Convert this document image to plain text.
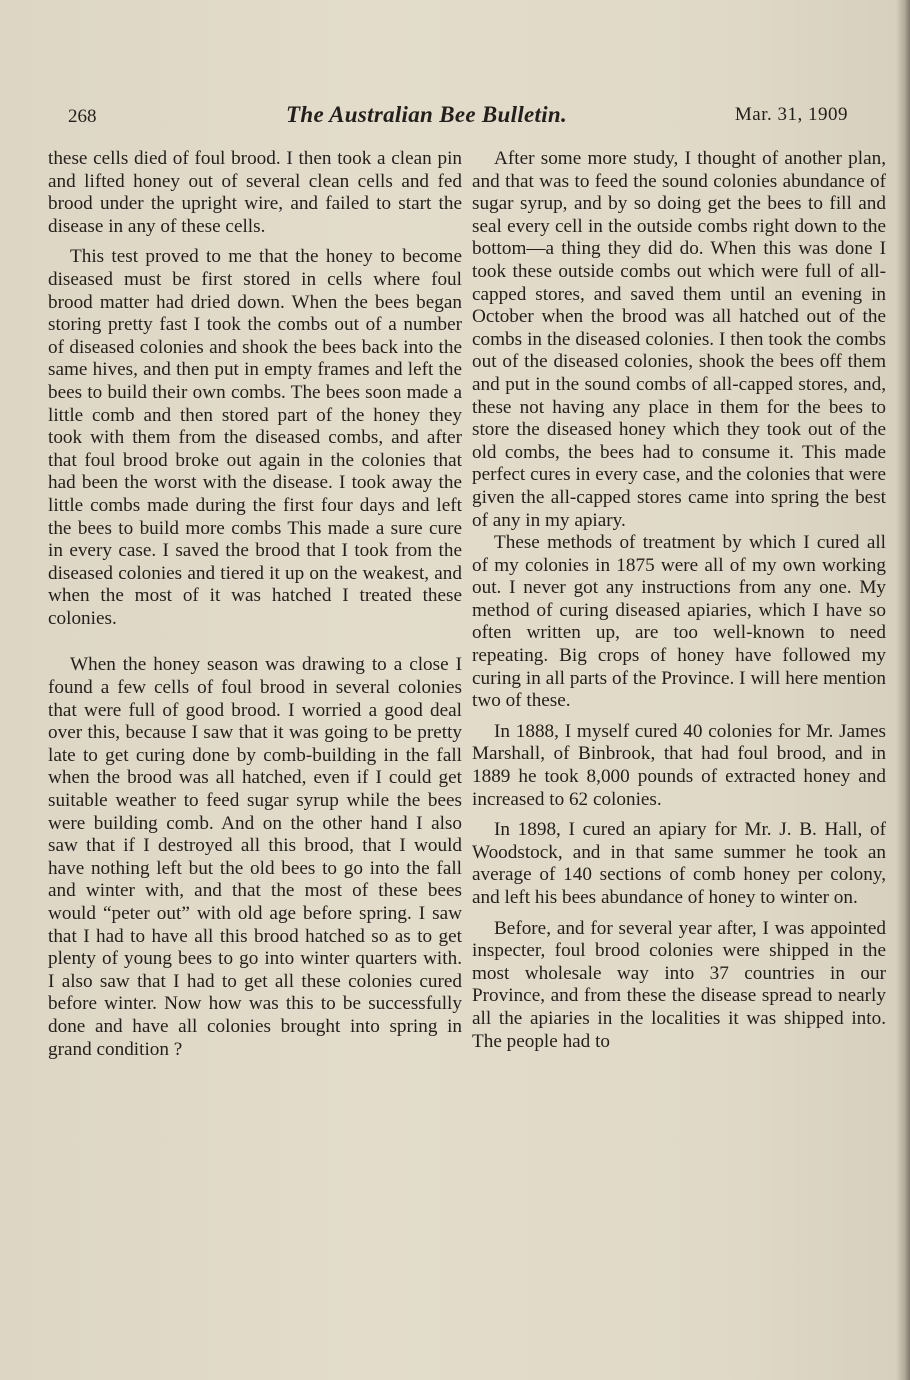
268	The Australian Bee Bulletin.	Mar. 31, 1909

these cells died of foul brood. I then took a clean pin and lifted honey out of several clean cells and fed brood under the upright wire, and failed to start the disease in any of these cells.

This test proved to me that the honey to become diseased must be first stored in cells where foul brood matter had dried down. When the bees began storing pretty fast I took the combs out of a number of diseased colonies and shook the bees back into the same hives, and then put in empty frames and left the bees to build their own combs. The bees soon made a little comb and then stored part of the honey they took with them from the diseased combs, and after that foul brood broke out again in the colonies that had been the worst with the disease. I took away the little combs made during the first four days and left the bees to build more combs This made a sure cure in every case. I saved the brood that I took from the diseased colonies and tiered it up on the weakest, and when the most of it was hatched I treated these colonies.

When the honey season was drawing to a close I found a few cells of foul brood in several colonies that were full of good brood. I worried a good deal over this, because I saw that it was going to be pretty late to get curing done by comb-building in the fall when the brood was all hatched, even if I could get suitable weather to feed sugar syrup while the bees were building comb. And on the other hand I also saw that if I destroyed all this brood, that I would have nothing left but the old bees to go into the fall and winter with, and that the most of these bees would “peter out” with old age before spring. I saw that I had to have all this brood hatched so as to get plenty of young bees to go into winter quarters with. I also saw that I had to get all these colonies cured before winter. Now how was this to be successfully done and have all colonies brought into spring in grand condition ?

After some more study, I thought of another plan, and that was to feed the sound colonies abundance of sugar syrup, and by so doing get the bees to fill and seal every cell in the outside combs right down to the bottom—a thing they did do. When this was done I took these outside combs out which were full of all-capped stores, and saved them until an evening in October when the brood was all hatched out of the combs in the diseased colonies. I then took the combs out of the diseased colonies, shook the bees off them and put in the sound combs of all-capped stores, and, these not having any place in them for the bees to store the diseased honey which they took out of the old combs, the bees had to consume it. This made perfect cures in every case, and the colonies that were given the all-capped stores came into spring the best of any in my apiary.

These methods of treatment by which I cured all of my colonies in 1875 were all of my own working out. I never got any instructions from any one. My method of curing diseased apiaries, which I have so often written up, are too well-known to need repeating. Big crops of honey have followed my curing in all parts of the Province. I will here mention two of these.

In 1888, I myself cured 40 colonies for Mr. James Marshall, of Binbrook, that had foul brood, and in 1889 he took 8,000 pounds of extracted honey and increased to 62 colonies.

In 1898, I cured an apiary for Mr. J. B. Hall, of Woodstock, and in that same summer he took an average of 140 sections of comb honey per colony, and left his bees abundance of honey to winter on.

Before, and for several year after, I was appointed inspecter, foul brood colonies were shipped in the most wholesale way into 37 countries in our Province, and from these the disease spread to nearly all the apiaries in the localities it was shipped into. The people had to
